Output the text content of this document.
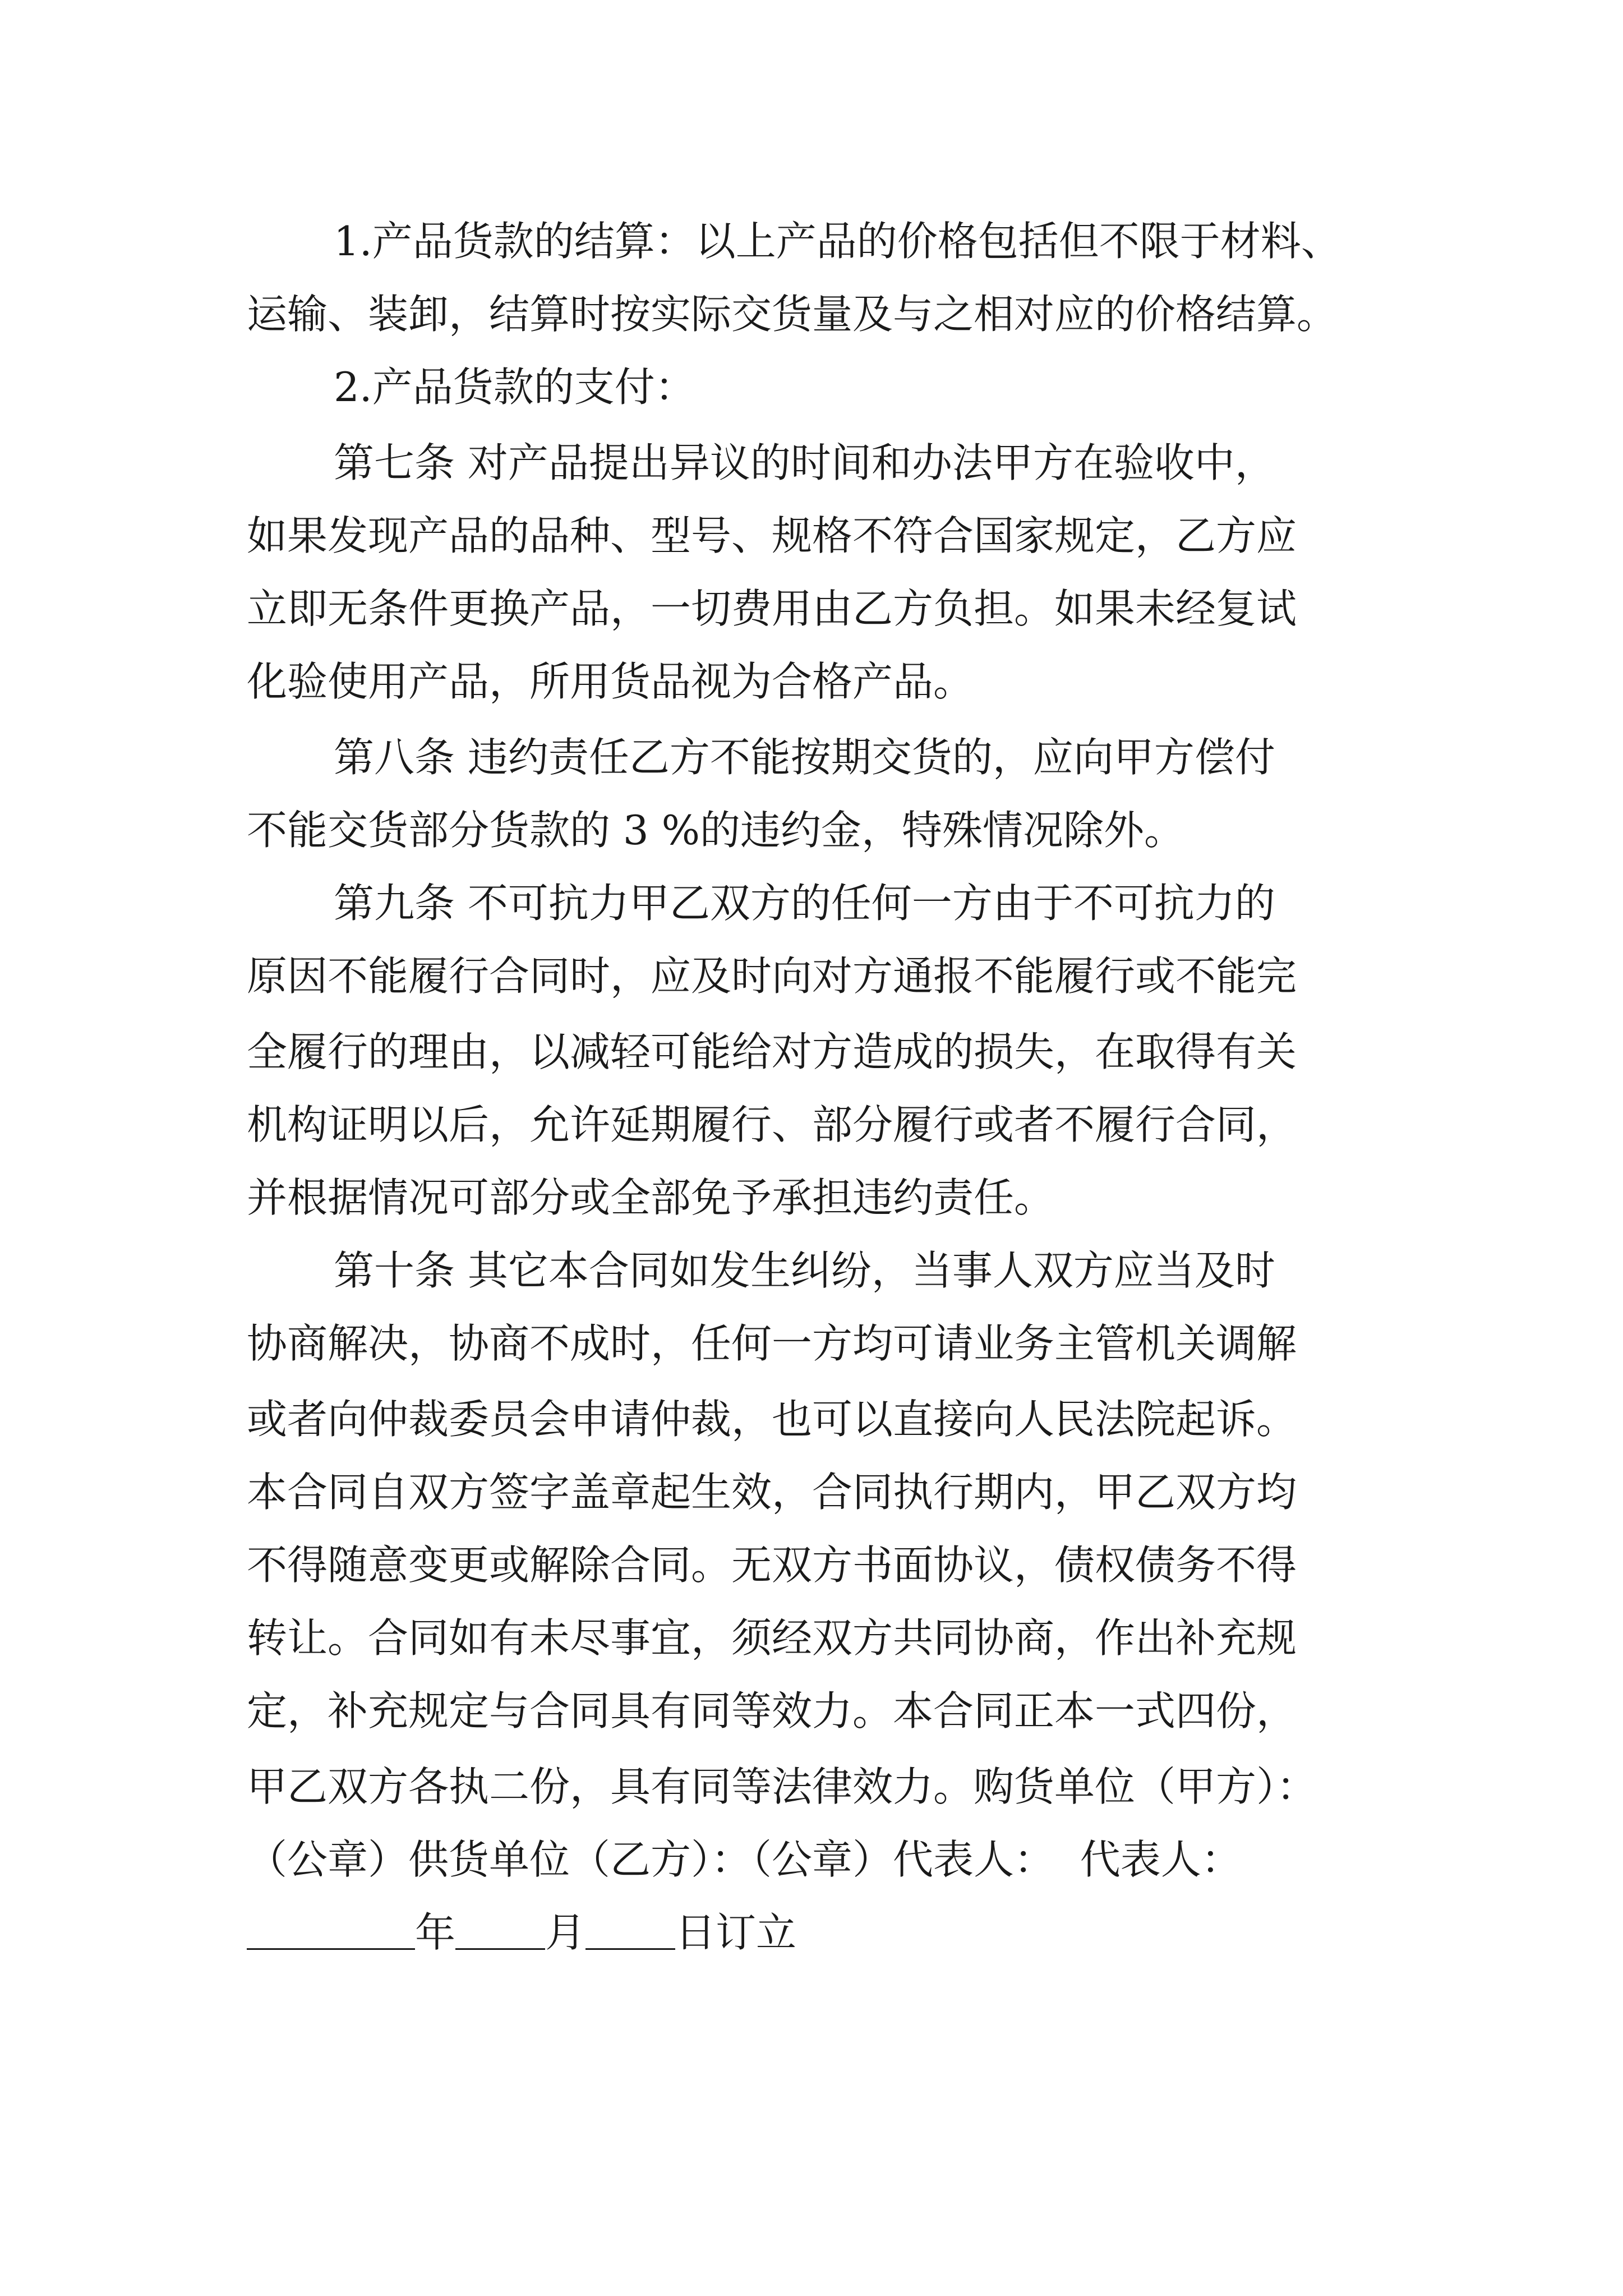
1.产品货款的结算：以上产品的价格包括但不限于材料、
运输、装卸，结算时按实际交货量及与之相对应的价格结算。
2.产品货款的支付：
第七条 对产品提出异议的时间和办法甲方在验收中，
如果发现产品的品种、型号、规格不符合国家规定，乙方应
立即无条件更换产品，一切费用由乙方负担。如果未经复试
化验使用产品，所用货品视为合格产品。
第八条 违约责任乙方不能按期交货的，应向甲方偿付
不能交货部分货款的 3 %的违约金，特殊情况除外。
第九条 不可抗力甲乙双方的任何一方由于不可抗力的
原因不能履行合同时，应及时向对方通报不能履行或不能完
全履行的理由，以减轻可能给对方造成的损失，在取得有关
机构证明以后，允许延期履行、部分履行或者不履行合同，
并根据情况可部分或全部免予承担违约责任。
第十条 其它本合同如发生纠纷，当事人双方应当及时
协商解决，协商不成时，任何一方均可请业务主管机关调解
或者向仲裁委员会申请仲裁，也可以直接向人民法院起诉。
本合同自双方签字盖章起生效，合同执行期内，甲乙双方均
不得随意变更或解除合同。无双方书面协议，债权债务不得
转让。合同如有未尽事宜，须经双方共同协商，作出补充规
定，补充规定与合同具有同等效力。本合同正本一式四份，
甲乙双方各执二份，具有同等法律效力。购货单位（甲方）：
（公章）供货单位（乙方）：（公章）代表人：  代表人：
年 月 日订立
